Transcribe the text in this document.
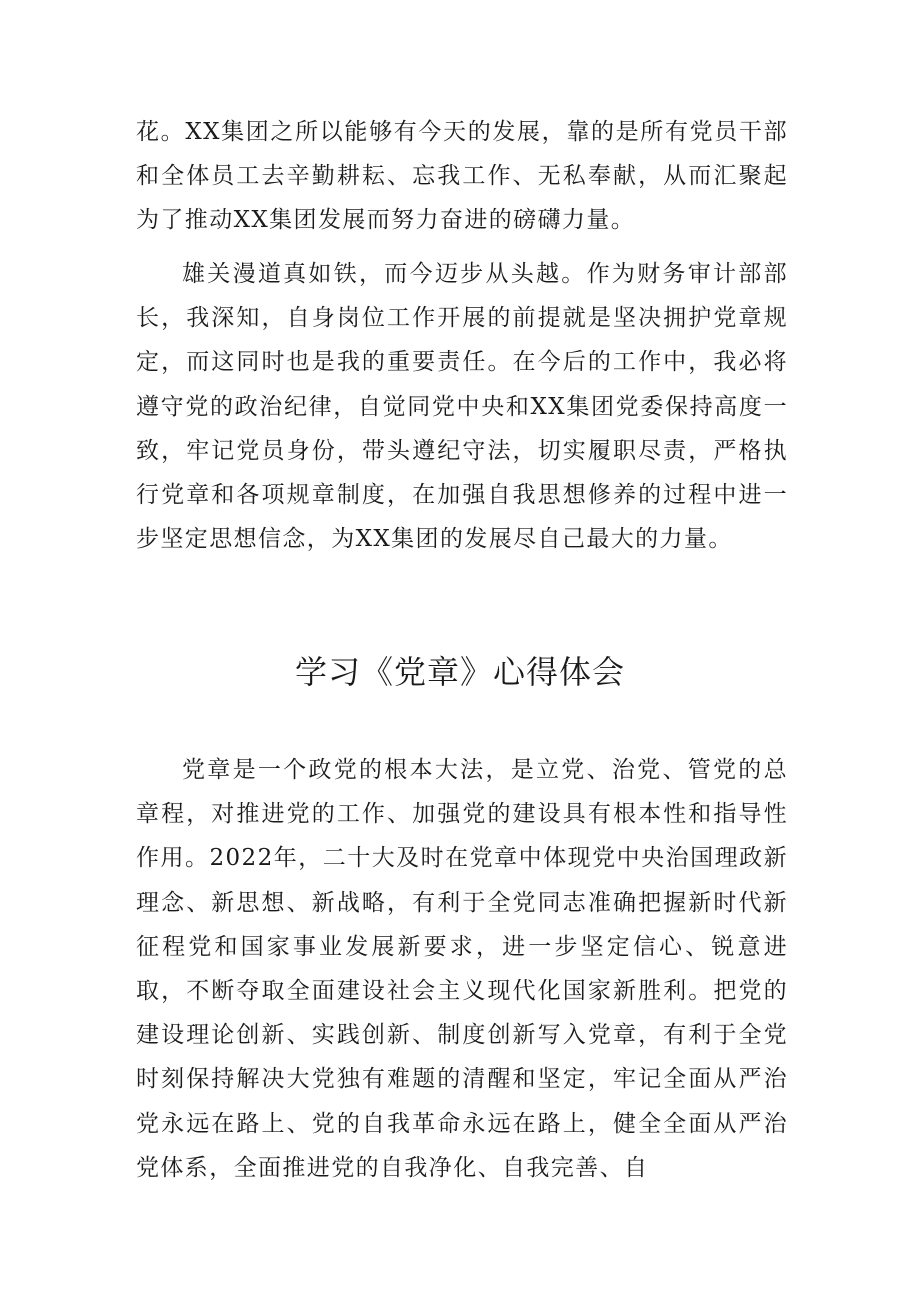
花。XX集团之所以能够有今天的发展，靠的是所有党员干部和全体员工去辛勤耕耘、忘我工作、无私奉献，从而汇聚起为了推动XX集团发展而努力奋进的磅礴力量。

雄关漫道真如铁，而今迈步从头越。作为财务审计部部长，我深知，自身岗位工作开展的前提就是坚决拥护党章规定，而这同时也是我的重要责任。在今后的工作中，我必将遵守党的政治纪律，自觉同党中央和XX集团党委保持高度一致，牢记党员身份，带头遵纪守法，切实履职尽责，严格执行党章和各项规章制度，在加强自我思想修养的过程中进一步坚定思想信念，为XX集团的发展尽自己最大的力量。

学习《党章》心得体会

党章是一个政党的根本大法，是立党、治党、管党的总章程，对推进党的工作、加强党的建设具有根本性和指导性作用。2022年，二十大及时在党章中体现党中央治国理政新理念、新思想、新战略，有利于全党同志准确把握新时代新征程党和国家事业发展新要求，进一步坚定信心、锐意进取，不断夺取全面建设社会主义现代化国家新胜利。把党的建设理论创新、实践创新、制度创新写入党章，有利于全党时刻保持解决大党独有难题的清醒和坚定，牢记全面从严治党永远在路上、党的自我革命永远在路上，健全全面从严治党体系，全面推进党的自我净化、自我完善、自
